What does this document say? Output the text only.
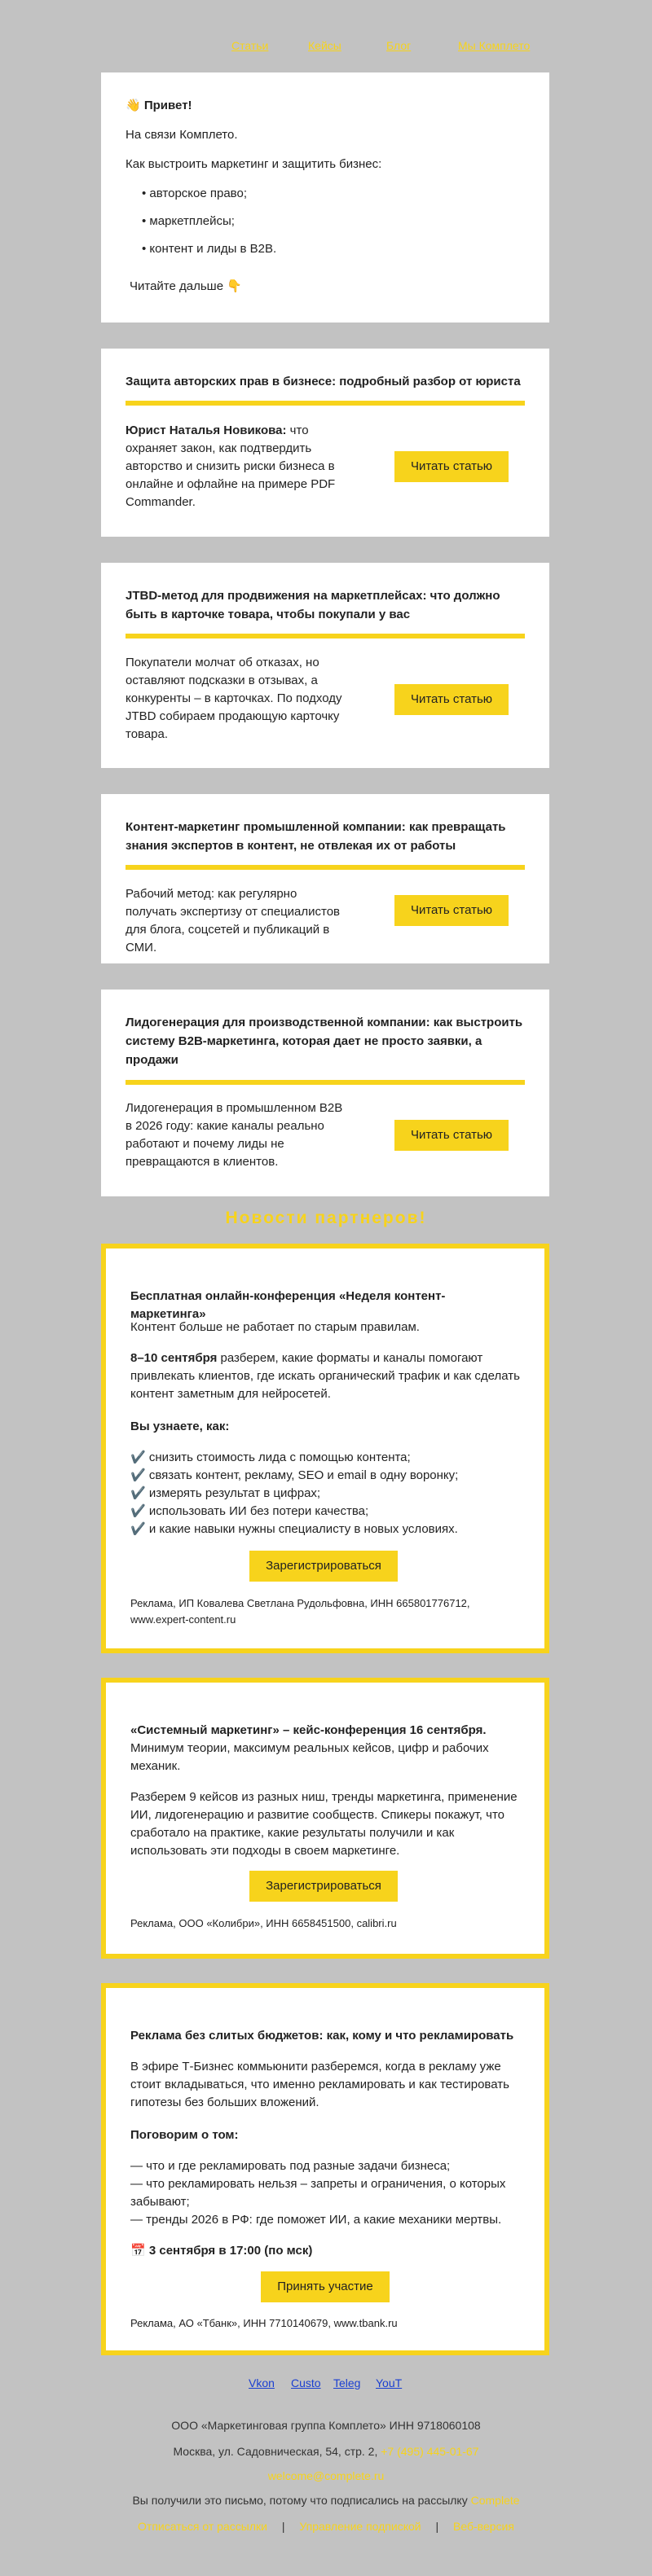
Статьи	Кейсы	Блог	Мы Комплето
👋 Привет!
На связи Комплето.
Как выстроить маркетинг и защитить бизнес:
• авторское право;
• маркетплейсы;
• контент и лиды в B2B.
Читайте дальше 👇
Защита авторских прав в бизнесе: подробный разбор от юриста
Юрист Наталья Новикова: что охраняет закон, как подтвердить авторство и снизить риски бизнеса в онлайне и офлайне на примере PDF Commander.
Читать статью
JTBD-метод для продвижения на маркетплейсах: что должно быть в карточке товара, чтобы покупали у вас
Покупатели молчат об отказах, но оставляют подсказки в отзывах, а конкуренты – в карточках. По подходу JTBD собираем продающую карточку товара.
Читать статью
Контент-маркетинг промышленной компании: как превращать знания экспертов в контент, не отвлекая их от работы
Рабочий метод: как регулярно получать экспертизу от специалистов для блога, соцсетей и публикаций в СМИ.
Читать статью
Лидогенерация для производственной компании: как выстроить систему B2B-маркетинга, которая дает не просто заявки, а продажи
Лидогенерация в промышленном B2B в 2026 году: какие каналы реально работают и почему лиды не превращаются в клиентов.
Читать статью
Новости партнеров!
Бесплатная онлайн-конференция «Неделя контент-маркетинга»
Контент больше не работает по старым правилам.
8–10 сентября разберем, какие форматы и каналы помогают привлекать клиентов, где искать органический трафик и как сделать контент заметным для нейросетей.
Вы узнаете, как:
✔️ снизить стоимость лида с помощью контента;
✔️ связать контент, рекламу, SEO и email в одну воронку;
✔️ измерять результат в цифрах;
✔️ использовать ИИ без потери качества;
✔️ и какие навыки нужны специалисту в новых условиях.
Зарегистрироваться
Реклама, ИП Ковалева Светлана Рудольфовна, ИНН 665801776712,
www.expert-content.ru
«Системный маркетинг» – кейс-конференция 16 сентября. Минимум теории, максимум реальных кейсов, цифр и рабочих механик.
Разберем 9 кейсов из разных ниш, тренды маркетинга, применение ИИ, лидогенерацию и развитие сообществ. Спикеры покажут, что сработало на практике, какие результаты получили и как использовать эти подходы в своем маркетинге.
Зарегистрироваться
Реклама, ООО «Колибри», ИНН 6658451500, calibri.ru
Реклама без слитых бюджетов: как, кому и что рекламировать
В эфире Т-Бизнес коммьюнити разберемся, когда в рекламу уже стоит вкладываться, что именно рекламировать и как тестировать гипотезы без больших вложений.
Поговорим о том:
— что и где рекламировать под разные задачи бизнеса;
— что рекламировать нельзя – запреты и ограничения, о которых забывают;
— тренды 2026 в РФ: где поможет ИИ, а какие механики мертвы.
📅 3 сентября в 17:00 (по мск)
Принять участие
Реклама, АО «Тбанк», ИНН 7710140679, www.tbank.ru
Vkon Custo Teleg YouT
ООО «Маркетинговая группа Комплето» ИНН 9718060108
Москва, ул. Садовническая, 54, стр. 2, +7 (495) 445-01-67
welcome@complete.ru
Вы получили это письмо, потому что подписались на рассылку Complete
Отписаться от рассылки | Управление подпиской | Веб-версия
